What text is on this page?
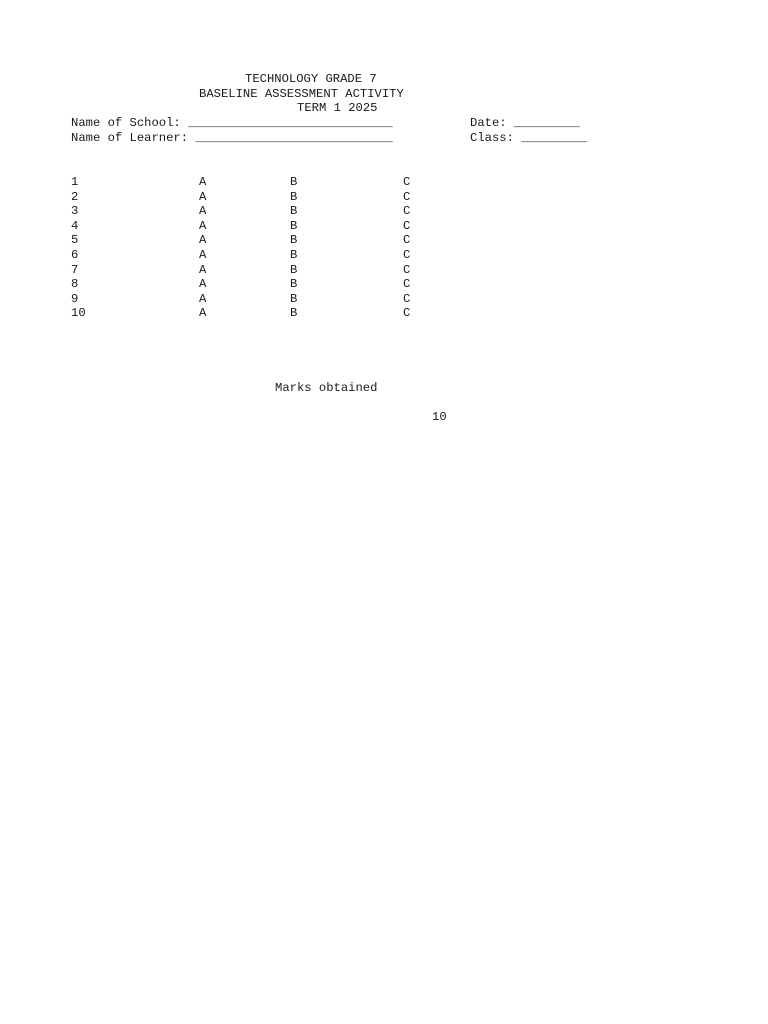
TECHNOLOGY GRADE 7
BASELINE ASSESSMENT ACTIVITY
TERM 1 2025
Name of School: ____________________________	Date: _________
Name of Learner: ___________________________	Class: _________
1	A	B	C
2	A	B	C
3	A	B	C
4	A	B	C
5	A	B	C
6	A	B	C
7	A	B	C
8	A	B	C
9	A	B	C
10	A	B	C
Marks obtained
10
